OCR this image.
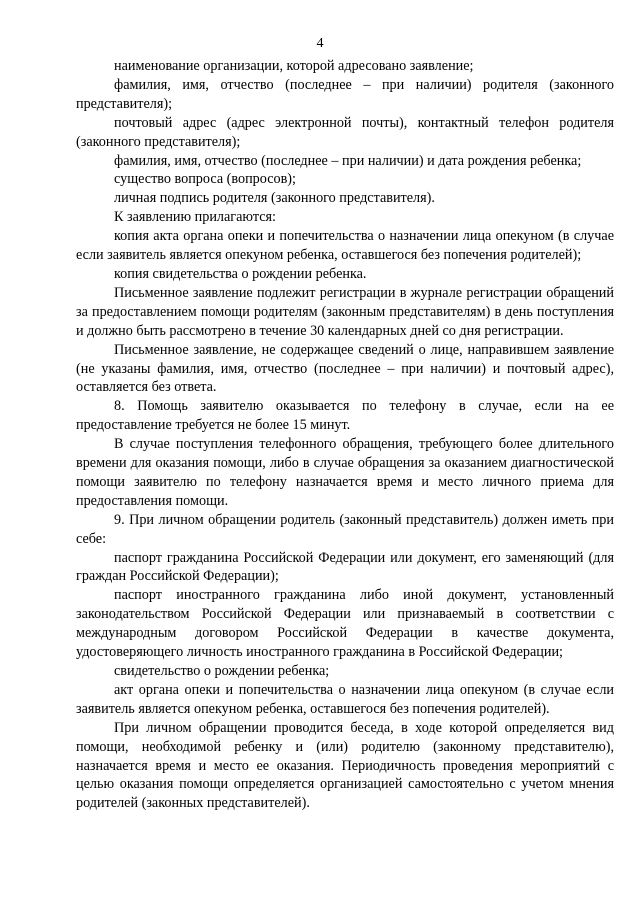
4

наименование организации, которой адресовано заявление;

фамилия, имя, отчество (последнее – при наличии) родителя (законного представителя);

почтовый адрес (адрес электронной почты), контактный телефон родителя (законного представителя);

фамилия, имя, отчество (последнее – при наличии) и дата рождения ребенка;

существо вопроса (вопросов);

личная подпись родителя (законного представителя).

К заявлению прилагаются:

копия акта органа опеки и попечительства о назначении лица опекуном (в случае если заявитель является опекуном ребенка, оставшегося без попечения родителей);

копия свидетельства о рождении ребенка.

Письменное заявление подлежит регистрации в журнале регистрации обращений за предоставлением помощи родителям (законным представителям) в день поступления и должно быть рассмотрено в течение 30 календарных дней со дня регистрации.

Письменное заявление, не содержащее сведений о лице, направившем заявление (не указаны фамилия, имя, отчество (последнее – при наличии) и почтовый адрес), оставляется без ответа.

8. Помощь заявителю оказывается по телефону в случае, если на ее предоставление требуется не более 15 минут.

В случае поступления телефонного обращения, требующего более длительного времени для оказания помощи, либо в случае обращения за оказанием диагностической помощи заявителю по телефону назначается время и место личного приема для предоставления помощи.

9. При личном обращении родитель (законный представитель) должен иметь при себе:

паспорт гражданина Российской Федерации или документ, его заменяющий (для граждан Российской Федерации);

паспорт иностранного гражданина либо иной документ, установленный законодательством Российской Федерации или признаваемый в соответствии с международным договором Российской Федерации в качестве документа, удостоверяющего личность иностранного гражданина в Российской Федерации;

свидетельство о рождении ребенка;

акт органа опеки и попечительства о назначении лица опекуном (в случае если заявитель является опекуном ребенка, оставшегося без попечения родителей).

При личном обращении проводится беседа, в ходе которой определяется вид помощи, необходимой ребенку и (или) родителю (законному представителю), назначается время и место ее оказания. Периодичность проведения мероприятий с целью оказания помощи определяется организацией самостоятельно с учетом мнения родителей (законных представителей).
